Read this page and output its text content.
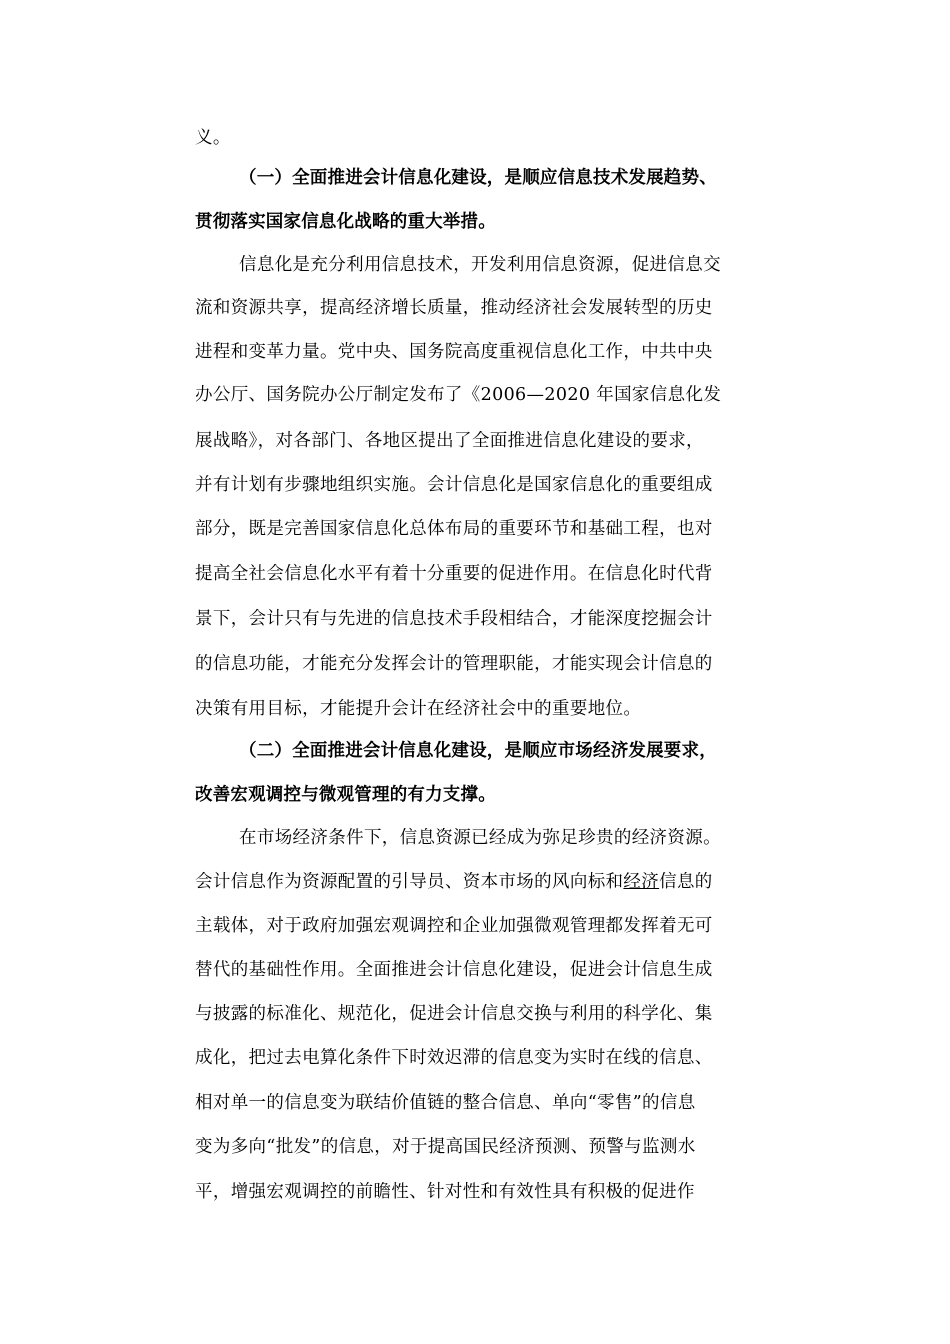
义。
（一）全面推进会计信息化建设，是顺应信息技术发展趋势、
贯彻落实国家信息化战略的重大举措。
信息化是充分利用信息技术，开发利用信息资源，促进信息交
流和资源共享，提高经济增长质量，推动经济社会发展转型的历史
进程和变革力量。党中央、国务院高度重视信息化工作，中共中央
办公厅、国务院办公厅制定发布了《2006—2020 年国家信息化发
展战略》，对各部门、各地区提出了全面推进信息化建设的要求，
并有计划有步骤地组织实施。会计信息化是国家信息化的重要组成
部分，既是完善国家信息化总体布局的重要环节和基础工程，也对
提高全社会信息化水平有着十分重要的促进作用。在信息化时代背
景下，会计只有与先进的信息技术手段相结合，才能深度挖掘会计
的信息功能，才能充分发挥会计的管理职能，才能实现会计信息的
决策有用目标，才能提升会计在经济社会中的重要地位。
（二）全面推进会计信息化建设，是顺应市场经济发展要求，
改善宏观调控与微观管理的有力支撑。
在市场经济条件下，信息资源已经成为弥足珍贵的经济资源。
会计信息作为资源配置的引导员、资本市场的风向标和经济信息的
主载体，对于政府加强宏观调控和企业加强微观管理都发挥着无可
替代的基础性作用。全面推进会计信息化建设，促进会计信息生成
与披露的标准化、规范化，促进会计信息交换与利用的科学化、集
成化，把过去电算化条件下时效迟滞的信息变为实时在线的信息、
相对单一的信息变为联结价值链的整合信息、单向“零售”的信息
变为多向“批发”的信息，对于提高国民经济预测、预警与监测水
平，增强宏观调控的前瞻性、针对性和有效性具有积极的促进作
